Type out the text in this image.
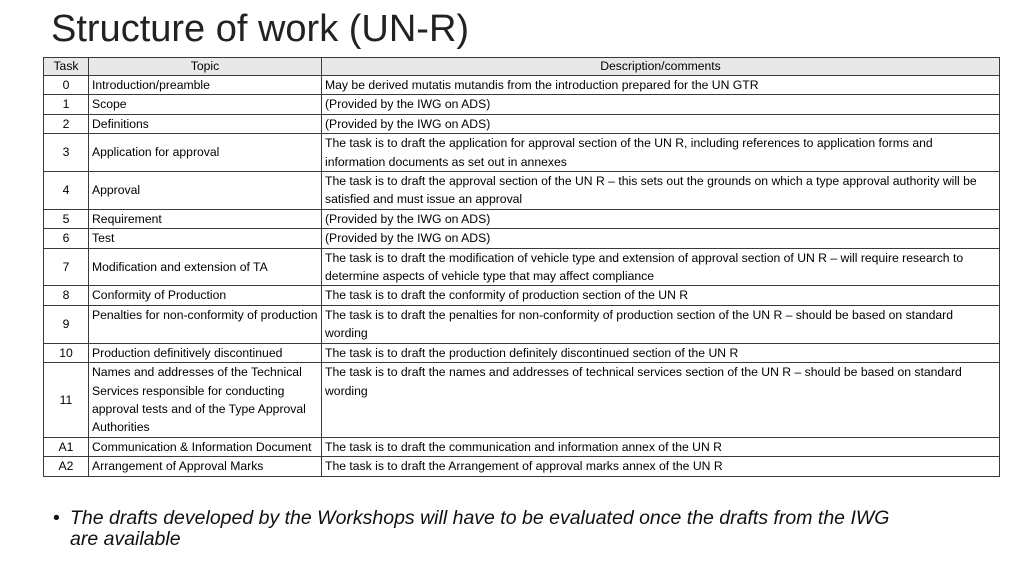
Structure of work (UN-R)
Task	Topic	Description/comments
0	Introduction/preamble	May be derived mutatis mutandis from the introduction prepared for the UN GTR
1	Scope	(Provided by the IWG on ADS)
2	Definitions	(Provided by the IWG on ADS)
3	Application for approval	The task is to draft the application for approval section of the UN R, including references to application forms and information documents as set out in annexes
4	Approval	The task is to draft the approval section of the UN R – this sets out the grounds on which a type approval authority will be satisfied and must issue an approval
5	Requirement	(Provided by the IWG on ADS)
6	Test	(Provided by the IWG on ADS)
7	Modification and extension of TA	The task is to draft the modification of vehicle type and extension of approval section of UN R – will require research to determine aspects of vehicle type that may affect compliance
8	Conformity of Production	The task is to draft the conformity of production section of the UN R
9	Penalties for non-conformity of production	The task is to draft the penalties for non-conformity of production section of the UN R – should be based on standard wording
10	Production definitively discontinued	The task is to draft the production definitely discontinued section of the UN R
11	Names and addresses of the Technical Services responsible for conducting approval tests and of the Type Approval Authorities	The task is to draft the names and addresses of technical services section of the UN R – should be based on standard wording
A1	Communication & Information Document	The task is to draft the communication and information annex of the UN R
A2	Arrangement of Approval Marks	The task is to draft the Arrangement of approval marks annex of the UN R
• The drafts developed by the Workshops will have to be evaluated once the drafts from the IWG are available
